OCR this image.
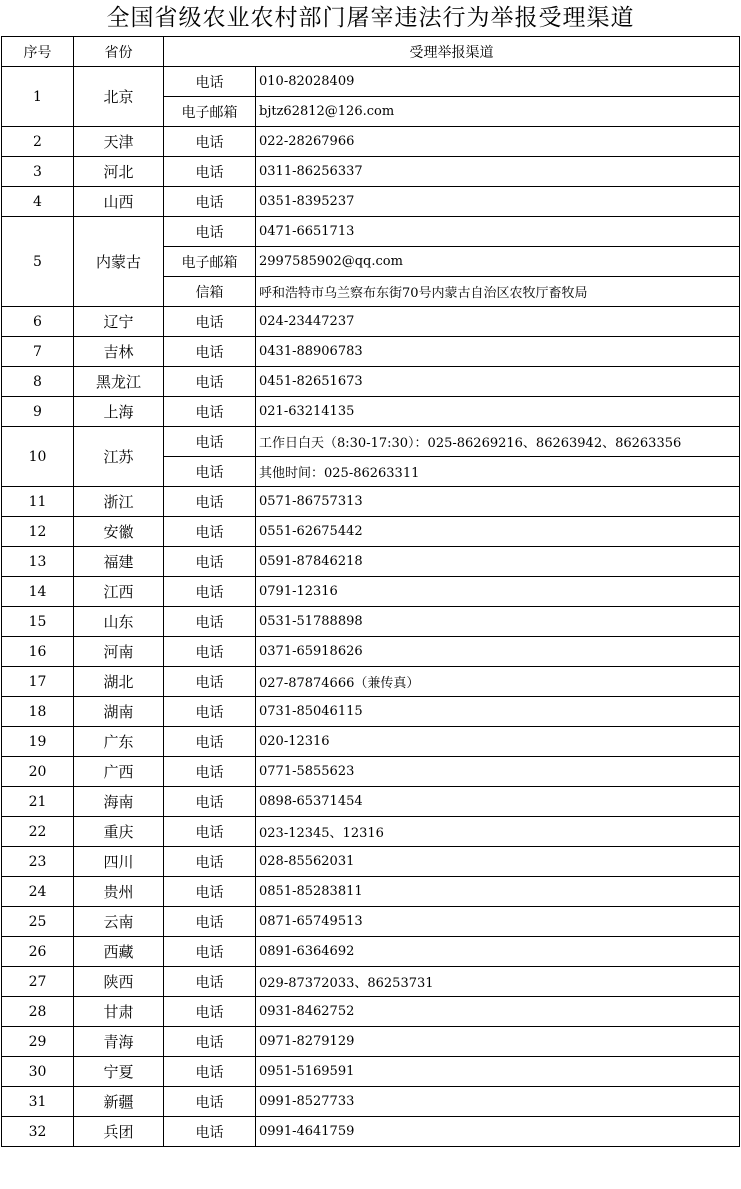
全国省级农业农村部门屠宰违法行为举报受理渠道
序号	省份	受理举报渠道	
1	北京	电话	010-82028409
		电子邮箱	bjtz62812@126.com
2	天津	电话	022-28267966
3	河北	电话	0311-86256337
4	山西	电话	0351-8395237
5	内蒙古	电话	0471-6651713
		电子邮箱	2997585902@qq.com
		信箱	呼和浩特市乌兰察布东街70号内蒙古自治区农牧厅畜牧局
6	辽宁	电话	024-23447237
7	吉林	电话	0431-88906783
8	黑龙江	电话	0451-82651673
9	上海	电话	021-63214135
10	江苏	电话	工作日白天（8:30-17:30）：025-86269216、86263942、86263356
		电话	其他时间：025-86263311
11	浙江	电话	0571-86757313
12	安徽	电话	0551-62675442
13	福建	电话	0591-87846218
14	江西	电话	0791-12316
15	山东	电话	0531-51788898
16	河南	电话	0371-65918626
17	湖北	电话	027-87874666（兼传真）
18	湖南	电话	0731-85046115
19	广东	电话	020-12316
20	广西	电话	0771-5855623
21	海南	电话	0898-65371454
22	重庆	电话	023-12345、12316
23	四川	电话	028-85562031
24	贵州	电话	0851-85283811
25	云南	电话	0871-65749513
26	西藏	电话	0891-6364692
27	陕西	电话	029-87372033、86253731
28	甘肃	电话	0931-8462752
29	青海	电话	0971-8279129
30	宁夏	电话	0951-5169591
31	新疆	电话	0991-8527733
32	兵团	电话	0991-4641759
